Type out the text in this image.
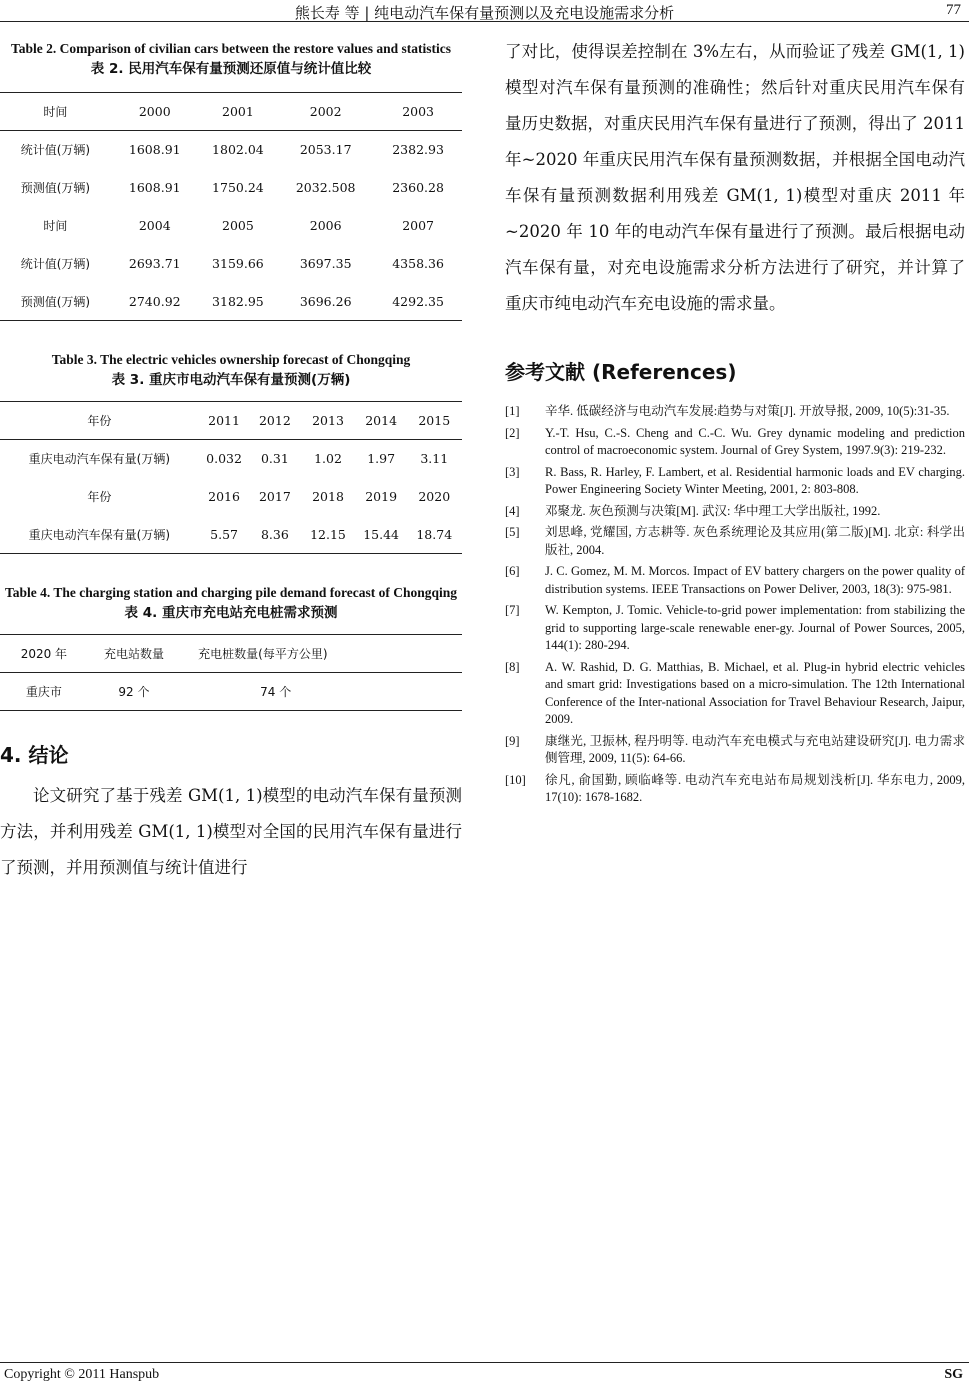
熊长寿 等 | 纯电动汽车保有量预测以及充电设施需求分析	77
Table 2. Comparison of civilian cars between the restore values and statistics
表 2. 民用汽车保有量预测还原值与统计值比较
时间	2000	2001	2002	2003
统计值(万辆)	1608.91	1802.04	2053.17	2382.93
预测值(万辆)	1608.91	1750.24	2032.508	2360.28
时间	2004	2005	2006	2007
统计值(万辆)	2693.71	3159.66	3697.35	4358.36
预测值(万辆)	2740.92	3182.95	3696.26	4292.35
Table 3. The electric vehicles ownership forecast of Chongqing
表 3. 重庆市电动汽车保有量预测(万辆)
年份	2011	2012	2013	2014	2015
重庆电动汽车保有量(万辆)	0.032	0.31	1.02	1.97	3.11
年份	2016	2017	2018	2019	2020
重庆电动汽车保有量(万辆)	5.57	8.36	12.15	15.44	18.74
Table 4. The charging station and charging pile demand forecast of Chongqing
表 4. 重庆市充电站充电桩需求预测
2020 年	充电站数量	充电桩数量(每平方公里)
重庆市	92 个	74 个
4. 结论
论文研究了基于残差 GM(1, 1)模型的电动汽车保有量预测方法，并利用残差 GM(1, 1)模型对全国的民用汽车保有量进行了预测，并用预测值与统计值进行
了对比，使得误差控制在 3%左右，从而验证了残差 GM(1, 1)模型对汽车保有量预测的准确性；然后针对重庆民用汽车保有量历史数据，对重庆民用汽车保有量进行了预测，得出了 2011 年~2020 年重庆民用汽车保有量预测数据，并根据全国电动汽车保有量预测数据利用残差 GM(1, 1)模型对重庆 2011 年~2020 年 10 年的电动汽车保有量进行了预测。最后根据电动汽车保有量，对充电设施需求分析方法进行了研究，并计算了重庆市纯电动汽车充电设施的需求量。
参考文献 (References)
[1]	辛华. 低碳经济与电动汽车发展:趋势与对策[J]. 开放导报, 2009, 10(5):31-35.
[2]	Y.-T. Hsu, C.-S. Cheng and C.-C. Wu. Grey dynamic modeling and prediction control of macroeconomic system. Journal of Grey System, 1997.9(3): 219-232.
[3]	R. Bass, R. Harley, F. Lambert, et al. Residential harmonic loads and EV charging. Power Engineering Society Winter Meeting, 2001, 2: 803-808.
[4]	邓聚龙. 灰色预测与决策[M]. 武汉: 华中理工大学出版社, 1992.
[5]	刘思峰, 党耀国, 方志耕等. 灰色系统理论及其应用(第二版)[M]. 北京: 科学出版社, 2004.
[6]	J. C. Gomez, M. M. Morcos. Impact of EV battery chargers on the power quality of distribution systems. IEEE Transactions on Power Deliver, 2003, 18(3): 975-981.
[7]	W. Kempton, J. Tomic. Vehicle-to-grid power implementation: from stabilizing the grid to supporting large-scale renewable ener-gy. Journal of Power Sources, 2005, 144(1): 280-294.
[8]	A. W. Rashid, D. G. Matthias, B. Michael, et al. Plug-in hybrid electric vehicles and smart grid: Investigations based on a micro-simulation. The 12th International Conference of the Inter-national Association for Travel Behaviour Research, Jaipur, 2009.
[9]	康继光, 卫振林, 程丹明等. 电动汽车充电模式与充电站建设研究[J]. 电力需求侧管理, 2009, 11(5): 64-66.
[10]	徐凡, 俞国勤, 顾临峰等. 电动汽车充电站布局规划浅析[J]. 华东电力, 2009, 17(10): 1678-1682.
Copyright © 2011 Hanspub	SG
